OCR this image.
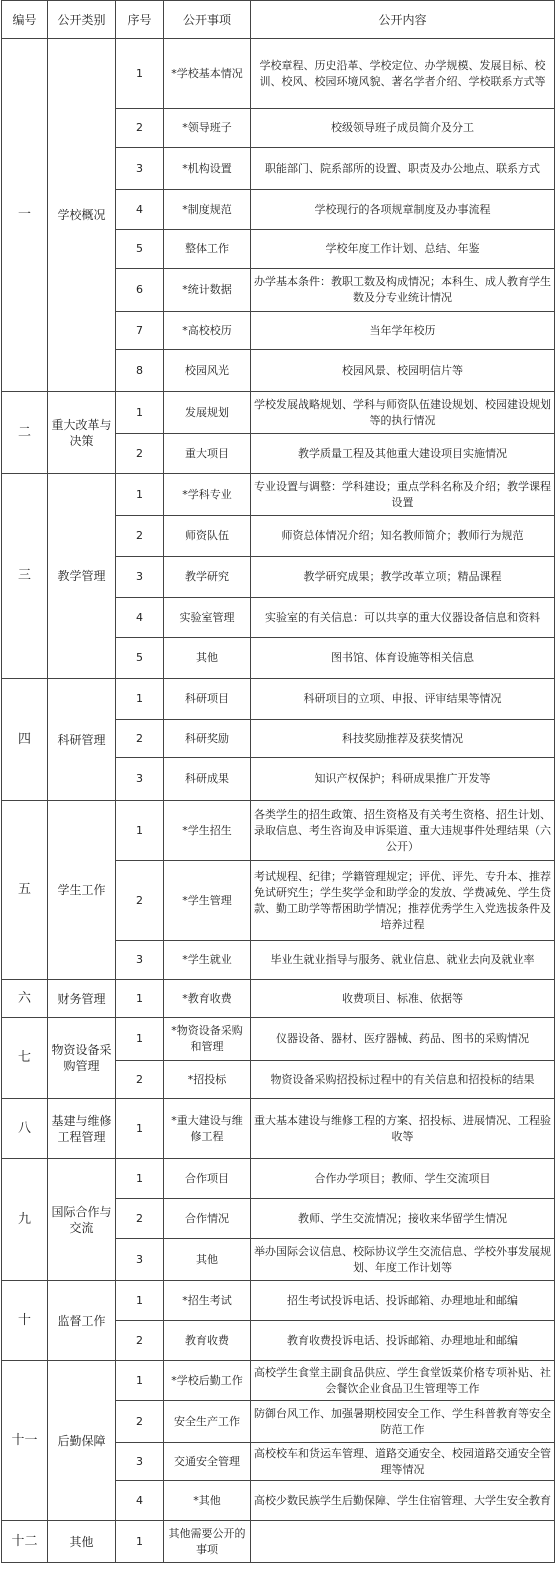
编号	公开类别	序号	公开事项	公开内容
一	学校概况	1	*学校基本情况	学校章程、历史沿革、学校定位、办学规模、发展目标、校训、校风、校园环境风貌、著名学者介绍、学校联系方式等
		2	*领导班子	校级领导班子成员简介及分工
		3	*机构设置	职能部门、院系部所的设置、职责及办公地点、联系方式
		4	*制度规范	学校现行的各项规章制度及办事流程
		5	整体工作	学校年度工作计划、总结、年鉴
		6	*统计数据	办学基本条件：教职工数及构成情况；本科生、成人教育学生数及分专业统计情况
		7	*高校校历	当年学年校历
		8	校园风光	校园风景、校园明信片等
二	重大改革与决策	1	发展规划	学校发展战略规划、学科与师资队伍建设规划、校园建设规划等的执行情况
		2	重大项目	教学质量工程及其他重大建设项目实施情况
三	教学管理	1	*学科专业	专业设置与调整：学科建设；重点学科名称及介绍；教学课程设置
		2	师资队伍	师资总体情况介绍；知名教师简介；教师行为规范
		3	教学研究	教学研究成果；教学改革立项；精品课程
		4	实验室管理	实验室的有关信息：可以共享的重大仪器设备信息和资料
		5	其他	图书馆、体育设施等相关信息
四	科研管理	1	科研项目	科研项目的立项、申报、评审结果等情况
		2	科研奖励	科技奖励推荐及获奖情况
		3	科研成果	知识产权保护；科研成果推广开发等
五	学生工作	1	*学生招生	各类学生的招生政策、招生资格及有关考生资格、招生计划、录取信息、考生咨询及申诉渠道、重大违规事件处理结果（六公开）
		2	*学生管理	考试规程、纪律；学籍管理规定；评优、评先、专升本、推荐免试研究生；学生奖学金和助学金的发放、学费减免、学生贷款、勤工助学等帮困助学情况；推荐优秀学生入党选拔条件及培养过程
		3	*学生就业	毕业生就业指导与服务、就业信息、就业去向及就业率
六	财务管理	1	*教育收费	收费项目、标准、依据等
七	物资设备采购管理	1	*物资设备采购和管理	仪器设备、器材、医疗器械、药品、图书的采购情况
		2	*招投标	物资设备采购招投标过程中的有关信息和招投标的结果
八	基建与维修工程管理	1	*重大建设与维修工程	重大基本建设与维修工程的方案、招投标、进展情况、工程验收等
九	国际合作与交流	1	合作项目	合作办学项目；教师、学生交流项目
		2	合作情况	教师、学生交流情况；接收来华留学生情况
		3	其他	举办国际会议信息、校际协议学生交流信息、学校外事发展规划、年度工作计划等
十	监督工作	1	*招生考试	招生考试投诉电话、投诉邮箱、办理地址和邮编
		2	教育收费	教育收费投诉电话、投诉邮箱、办理地址和邮编
十一	后勤保障	1	*学校后勤工作	高校学生食堂主副食品供应、学生食堂饭菜价格专项补贴、社会餐饮企业食品卫生管理等工作
		2	安全生产工作	防御台风工作、加强暑期校园安全工作、学生科普教育等安全防范工作
		3	交通安全管理	高校校车和货运车管理、道路交通安全、校园道路交通安全管理等情况
		4	*其他	高校少数民族学生后勤保障、学生住宿管理、大学生安全教育
十二	其他	1	其他需要公开的事项	
